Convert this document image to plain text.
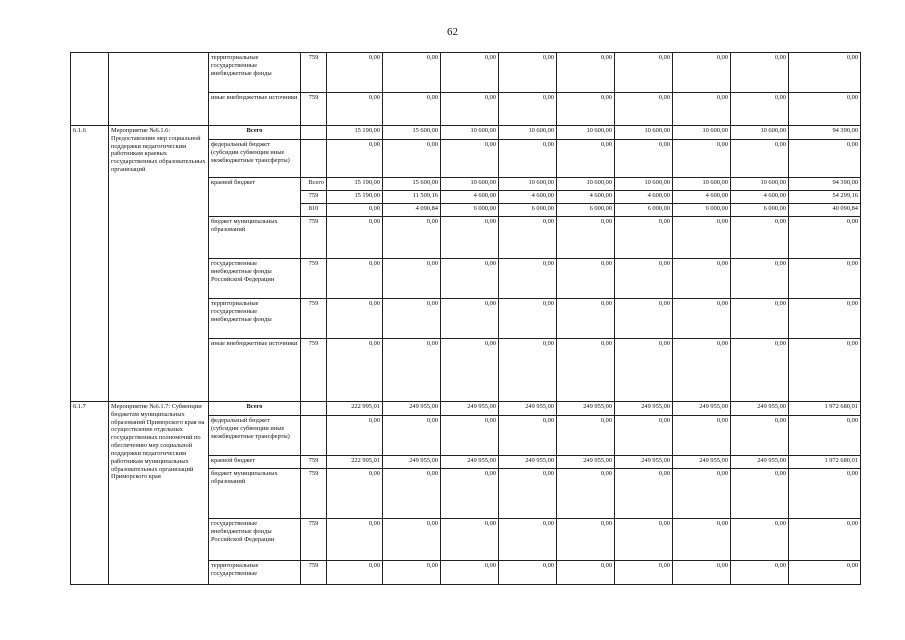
62
		территориальные государственные внебюджетные фонды	759	0,00	0,00	0,00	0,00	0,00	0,00	0,00	0,00	0,00
		иные внебюджетные источники	759	0,00	0,00	0,00	0,00	0,00	0,00	0,00	0,00	0,00
6.1.6	Мероприятие №6.1.6: Предоставление мер социальной поддержки педагогическим работникам краевых государственных образовательных организаций	Всего		15 190,00	15 600,00	10 600,00	10 600,00	10 600,00	10 600,00	10 600,00	10 600,00	94 390,00
		федеральный бюджет (субсидии субвенции иные межбюджетные трансферты)		0,00	0,00	0,00	0,00	0,00	0,00	0,00	0,00	0,00
		краевой бюджет	Всего	15 190,00	15 600,00	10 600,00	10 600,00	10 600,00	10 600,00	10 600,00	10 600,00	94 390,00
			759	15 190,00	11 509,16	4 600,00	4 600,00	4 600,00	4 600,00	4 600,00	4 600,00	54 299,16
			810	0,00	4 090,84	6 000,00	6 000,00	6 000,00	6 000,00	6 000,00	6 000,00	40 090,84
		бюджет муниципальных образований	759	0,00	0,00	0,00	0,00	0,00	0,00	0,00	0,00	0,00
		государственные внебюджетные фонды Российской Федерации	759	0,00	0,00	0,00	0,00	0,00	0,00	0,00	0,00	0,00
		территориальные государственные внебюджетные фонды	759	0,00	0,00	0,00	0,00	0,00	0,00	0,00	0,00	0,00
		иные внебюджетные источники	759	0,00	0,00	0,00	0,00	0,00	0,00	0,00	0,00	0,00
6.1.7	Мероприятие №6.1.7: Субвенции бюджетам муниципальных образований Приморского края на осуществление отдельных государственных полномочий по обеспечению мер социальной поддержки педагогическим работникам муниципальных образовательных организаций Приморского края	Всего		222 995,01	249 955,00	249 955,00	249 955,00	249 955,00	249 955,00	249 955,00	249 955,00	1 972 680,01
		федеральный бюджет (субсидии субвенции иные межбюджетные трансферты)		0,00	0,00	0,00	0,00	0,00	0,00	0,00	0,00	0,00
		краевой бюджет	759	222 995,01	249 955,00	249 955,00	249 955,00	249 955,00	249 955,00	249 955,00	249 955,00	1 972 680,01
		бюджет муниципальных образований	759	0,00	0,00	0,00	0,00	0,00	0,00	0,00	0,00	0,00
		государственные внебюджетные фонды Российской Федерации	759	0,00	0,00	0,00	0,00	0,00	0,00	0,00	0,00	0,00
		территориальные государственные	759	0,00	0,00	0,00	0,00	0,00	0,00	0,00	0,00	0,00
